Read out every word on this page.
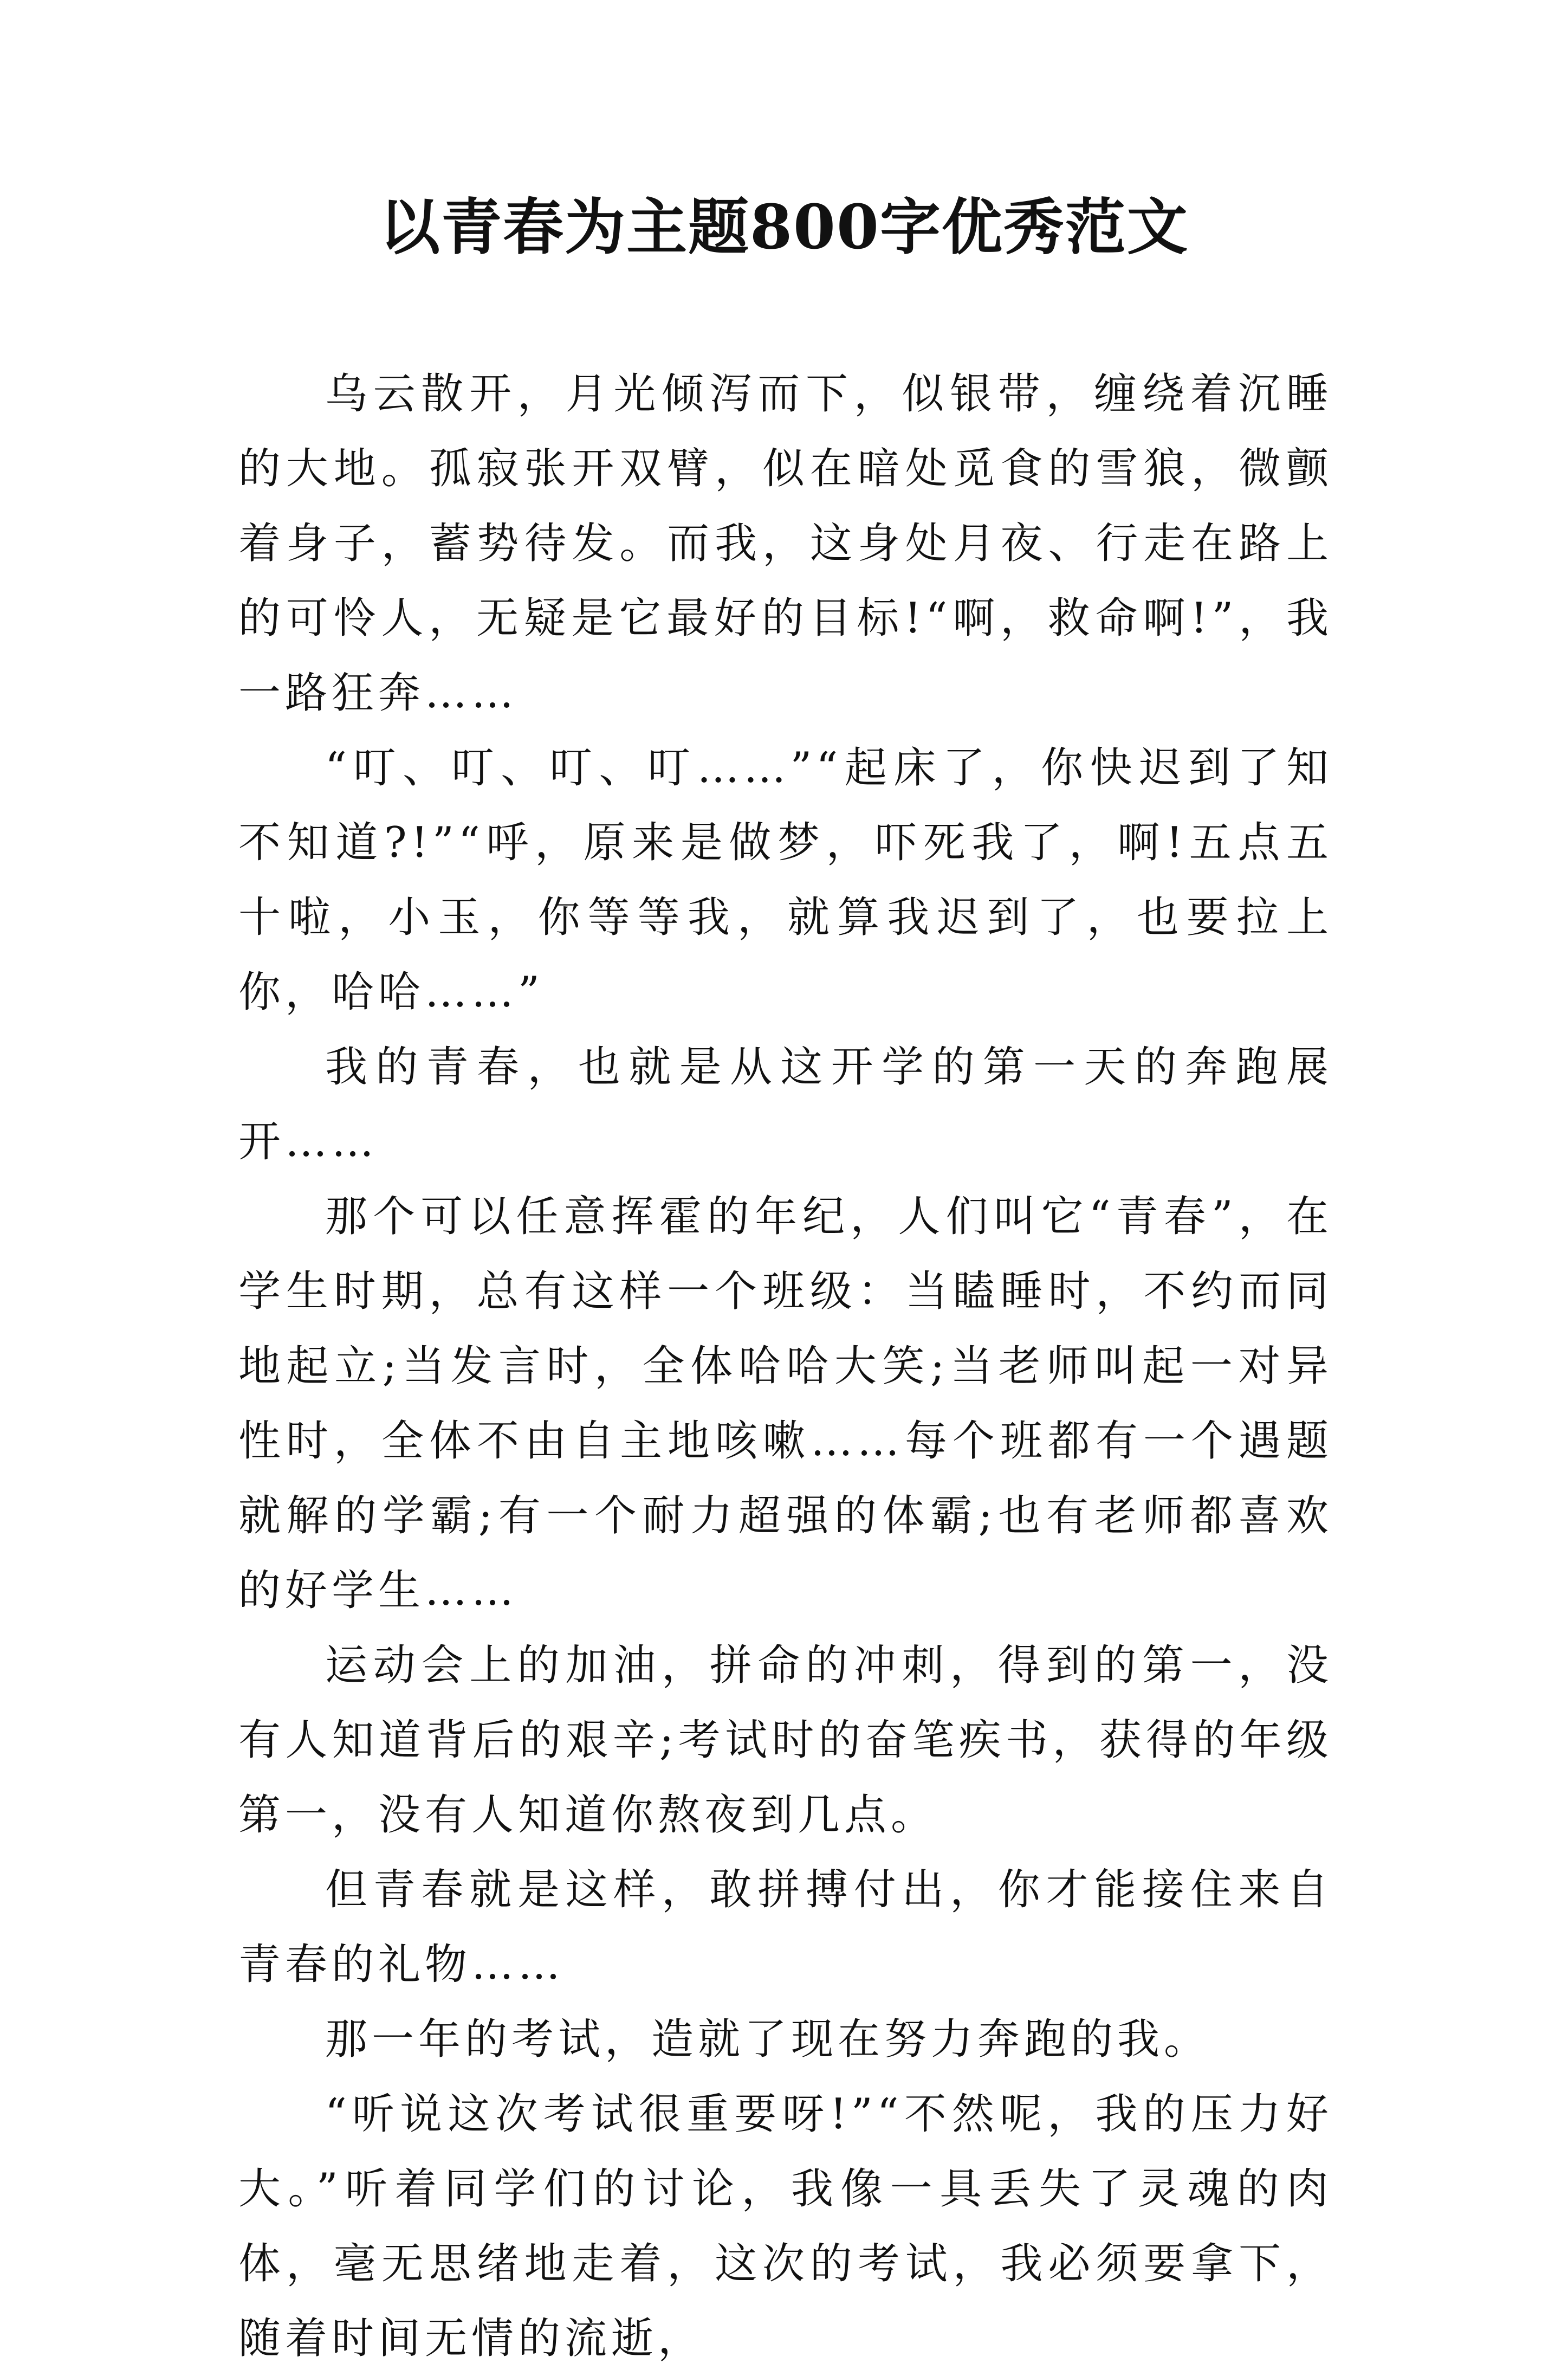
以青春为主题800字优秀范文

乌云散开，月光倾泻而下，似银带，缠绕着沉睡的大地。孤寂张开双臂，似在暗处觅食的雪狼，微颤着身子，蓄势待发。而我，这身处月夜、行走在路上的可怜人，无疑是它最好的目标!“啊，救命啊!”，我一路狂奔……

“叮、叮、叮、叮……”“起床了，你快迟到了知不知道?!”“呼，原来是做梦，吓死我了，啊!五点五十啦，小玉，你等等我，就算我迟到了，也要拉上你，哈哈……”

我的青春，也就是从这开学的第一天的奔跑展开……

那个可以任意挥霍的年纪，人们叫它“青春”，在学生时期，总有这样一个班级：当瞌睡时，不约而同地起立;当发言时，全体哈哈大笑;当老师叫起一对异性时，全体不由自主地咳嗽……每个班都有一个遇题就解的学霸;有一个耐力超强的体霸;也有老师都喜欢的好学生……

运动会上的加油，拼命的冲刺，得到的第一，没有人知道背后的艰辛;考试时的奋笔疾书，获得的年级第一，没有人知道你熬夜到几点。

但青春就是这样，敢拼搏付出，你才能接住来自青春的礼物……

那一年的考试，造就了现在努力奔跑的我。

“听说这次考试很重要呀!”“不然呢，我的压力好大。”听着同学们的讨论，我像一具丢失了灵魂的肉体，毫无思绪地走着，这次的考试，我必须要拿下，随着时间无情的流逝，
